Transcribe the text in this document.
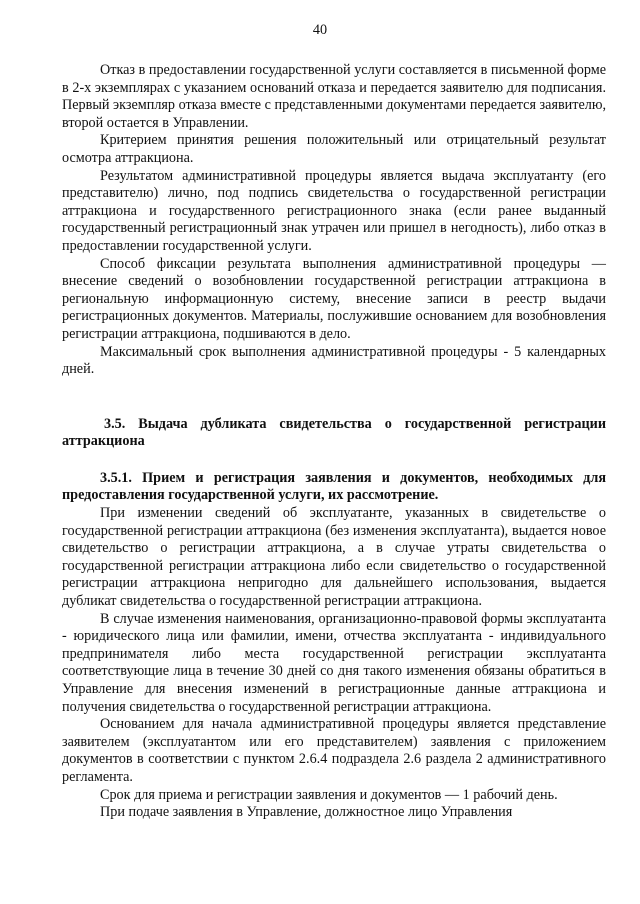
40

Отказ в предоставлении государственной услуги составляется в письменной форме в 2-х экземплярах с указанием оснований отказа и передается заявителю для подписания. Первый экземпляр отказа вместе с представленными документами передается заявителю, второй остается в Управлении.

Критерием принятия решения положительный или отрицательный результат осмотра аттракциона.

Результатом административной процедуры является выдача эксплуатанту (его представителю) лично, под подпись свидетельства о государственной регистрации аттракциона и государственного регистрационного знака (если ранее выданный государственный регистрационный знак утрачен или пришел в негодность), либо отказ в предоставлении государственной услуги.

Способ фиксации результата выполнения административной процедуры — внесение сведений о возобновлении государственной регистрации аттракциона в региональную информационную систему, внесение записи в реестр выдачи регистрационных документов. Материалы, послужившие основанием для возобновления регистрации аттракциона, подшиваются в дело.

Максимальный срок выполнения административной процедуры - 5 календарных дней.

3.5. Выдача дубликата свидетельства о государственной регистрации аттракциона

3.5.1. Прием и регистрация заявления и документов, необходимых для предоставления государственной услуги, их рассмотрение.

При изменении сведений об эксплуатанте, указанных в свидетельстве о государственной регистрации аттракциона (без изменения эксплуатанта), выдается новое свидетельство о регистрации аттракциона, а в случае утраты свидетельства о государственной регистрации аттракциона либо если свидетельство о государственной регистрации аттракциона непригодно для дальнейшего использования, выдается дубликат свидетельства о государственной регистрации аттракциона.

В случае изменения наименования, организационно-правовой формы эксплуатанта - юридического лица или фамилии, имени, отчества эксплуатанта - индивидуального предпринимателя либо места государственной регистрации эксплуатанта соответствующие лица в течение 30 дней со дня такого изменения обязаны обратиться в Управление для внесения изменений в регистрационные данные аттракциона и получения свидетельства о государственной регистрации аттракциона.

Основанием для начала административной процедуры является представление заявителем (эксплуатантом или его представителем) заявления с приложением документов в соответствии с пунктом 2.6.4 подраздела 2.6 раздела 2 административного регламента.

Срок для приема и регистрации заявления и документов — 1 рабочий день.

При подаче заявления в Управление, должностное лицо Управления
